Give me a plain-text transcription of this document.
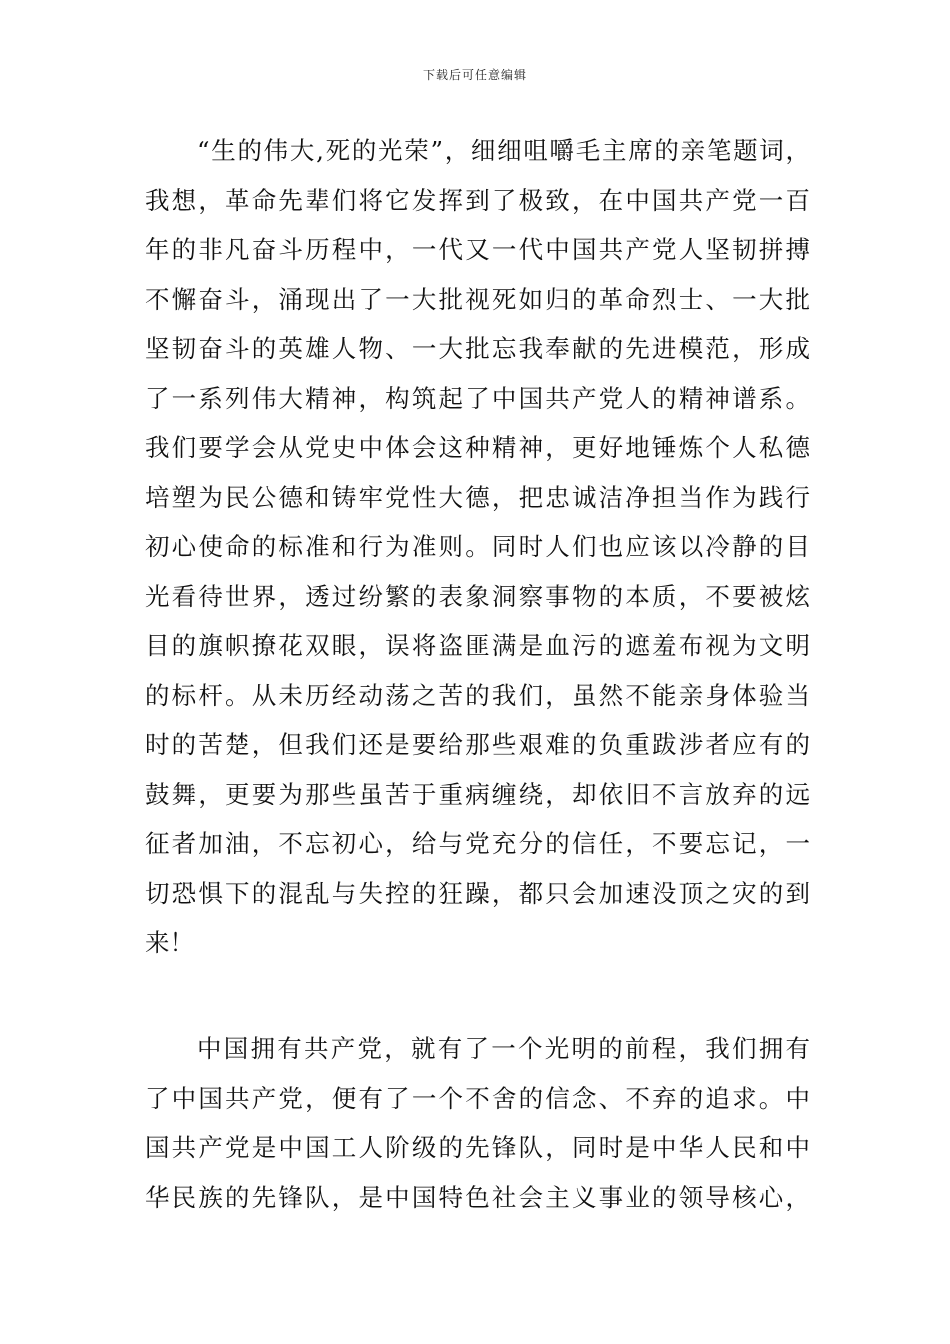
下载后可任意编辑
“生的伟大,死的光荣”，细细咀嚼毛主席的亲笔题词，
我想，革命先辈们将它发挥到了极致，在中国共产党一百
年的非凡奋斗历程中，一代又一代中国共产党人坚韧拼搏
不懈奋斗，涌现出了一大批视死如归的革命烈士、一大批
坚韧奋斗的英雄人物、一大批忘我奉献的先进模范，形成
了一系列伟大精神，构筑起了中国共产党人的精神谱系。
我们要学会从党史中体会这种精神，更好地锤炼个人私德
培塑为民公德和铸牢党性大德，把忠诚洁净担当作为践行
初心使命的标准和行为准则。同时人们也应该以冷静的目
光看待世界，透过纷繁的表象洞察事物的本质，不要被炫
目的旗帜撩花双眼，误将盗匪满是血污的遮羞布视为文明
的标杆。从未历经动荡之苦的我们，虽然不能亲身体验当
时的苦楚，但我们还是要给那些艰难的负重跋涉者应有的
鼓舞，更要为那些虽苦于重病缠绕，却依旧不言放弃的远
征者加油，不忘初心，给与党充分的信任，不要忘记，一
切恐惧下的混乱与失控的狂躁，都只会加速没顶之灾的到
来！
中国拥有共产党，就有了一个光明的前程，我们拥有
了中国共产党，便有了一个不舍的信念、不弃的追求。中
国共产党是中国工人阶级的先锋队，同时是中华人民和中
华民族的先锋队，是中国特色社会主义事业的领导核心，
